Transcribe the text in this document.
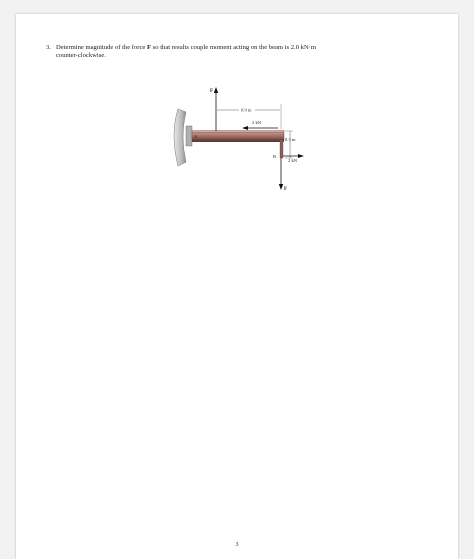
3. Determine magnitude of the force F so that results couple moment acting on the beam is 2.0 kN·m
counter-clockwise.
A
F
0.9 m
2 kN
0.3 m
B
2 kN
F
3
